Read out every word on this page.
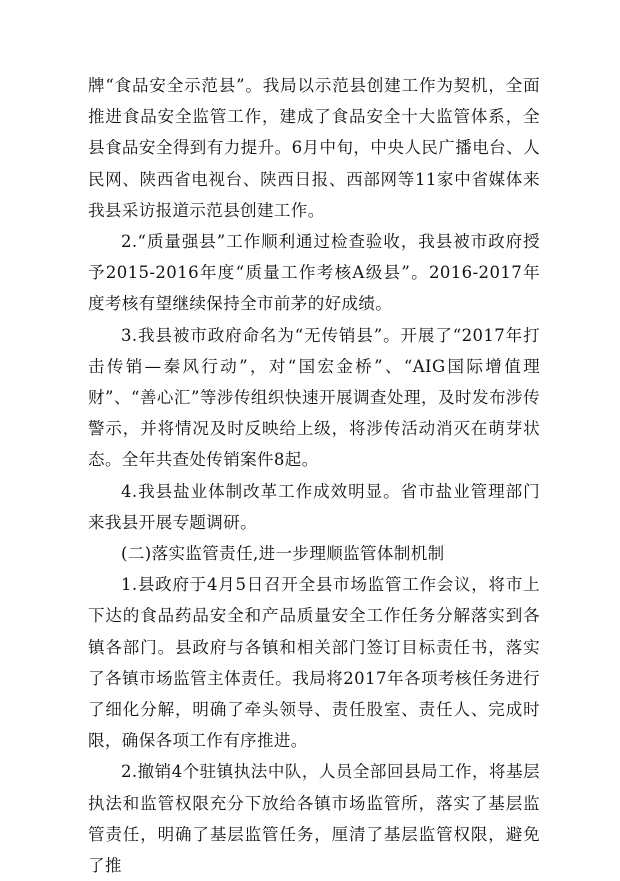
牌“食品安全示范县”。我局以示范县创建工作为契机，全面推进食品安全监管工作，建成了食品安全十大监管体系，全县食品安全得到有力提升。6月中旬，中央人民广播电台、人民网、陕西省电视台、陕西日报、西部网等11家中省媒体来我县采访报道示范县创建工作。

2.“质量强县”工作顺利通过检查验收，我县被市政府授予2015-2016年度“质量工作考核A级县”。2016-2017年度考核有望继续保持全市前茅的好成绩。

3.我县被市政府命名为“无传销县”。开展了“2017年打击传销—秦风行动”，对“国宏金桥”、“AIG国际增值理财”、“善心汇”等涉传组织快速开展调查处理，及时发布涉传警示，并将情况及时反映给上级，将涉传活动消灭在萌芽状态。全年共查处传销案件8起。

4.我县盐业体制改革工作成效明显。省市盐业管理部门来我县开展专题调研。

(二)落实监管责任,进一步理顺监管体制机制

1.县政府于4月5日召开全县市场监管工作会议，将市上下达的食品药品安全和产品质量安全工作任务分解落实到各镇各部门。县政府与各镇和相关部门签订目标责任书，落实了各镇市场监管主体责任。我局将2017年各项考核任务进行了细化分解，明确了牵头领导、责任股室、责任人、完成时限，确保各项工作有序推进。

2.撤销4个驻镇执法中队，人员全部回县局工作，将基层执法和监管权限充分下放给各镇市场监管所，落实了基层监管责任，明确了基层监管任务，厘清了基层监管权限，避免了推
